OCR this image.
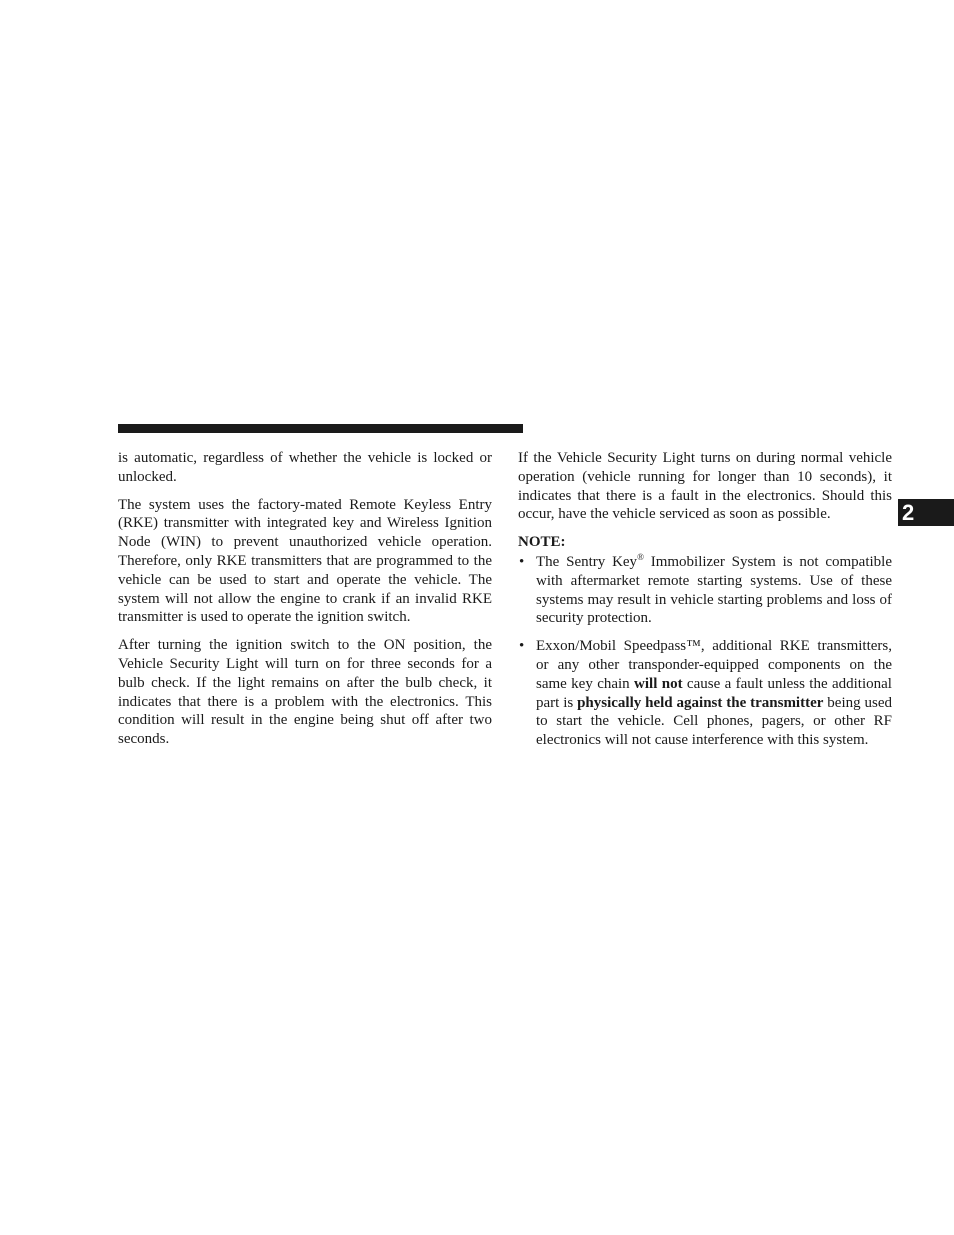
2

is automatic, regardless of whether the vehicle is locked or unlocked.

The system uses the factory-mated Remote Keyless Entry (RKE) transmitter with integrated key and Wireless Ignition Node (WIN) to prevent unauthorized vehicle operation. Therefore, only RKE transmitters that are programmed to the vehicle can be used to start and operate the vehicle. The system will not allow the engine to crank if an invalid RKE transmitter is used to operate the ignition switch.

After turning the ignition switch to the ON position, the Vehicle Security Light will turn on for three seconds for a bulb check. If the light remains on after the bulb check, it indicates that there is a problem with the electronics. This condition will result in the engine being shut off after two seconds.

If the Vehicle Security Light turns on during normal vehicle operation (vehicle running for longer than 10 seconds), it indicates that there is a fault in the electronics. Should this occur, have the vehicle serviced as soon as possible.

NOTE:
• The Sentry Key® Immobilizer System is not compatible with aftermarket remote starting systems. Use of these systems may result in vehicle starting problems and loss of security protection.
• Exxon/Mobil Speedpass™, additional RKE transmitters, or any other transponder-equipped components on the same key chain will not cause a fault unless the additional part is physically held against the transmitter being used to start the vehicle. Cell phones, pagers, or other RF electronics will not cause interference with this system.
